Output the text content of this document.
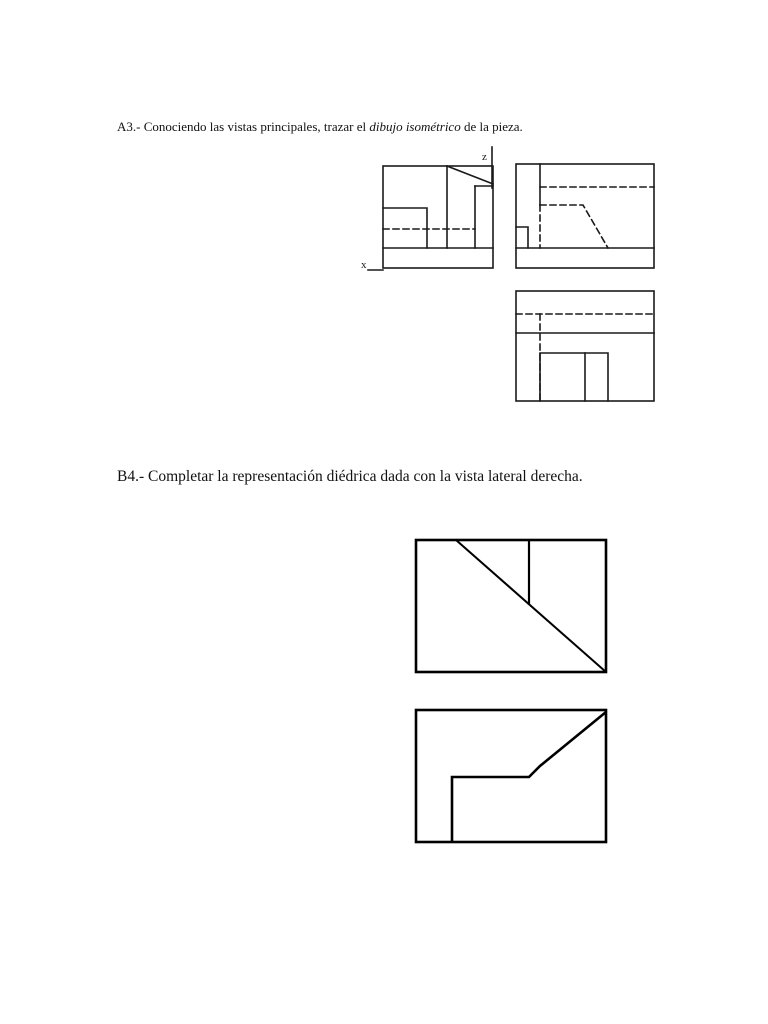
A3.- Conociendo las vistas principales, trazar el dibujo isométrico de la pieza.
z
x
B4.- Completar la representación diédrica dada con la vista lateral derecha.
